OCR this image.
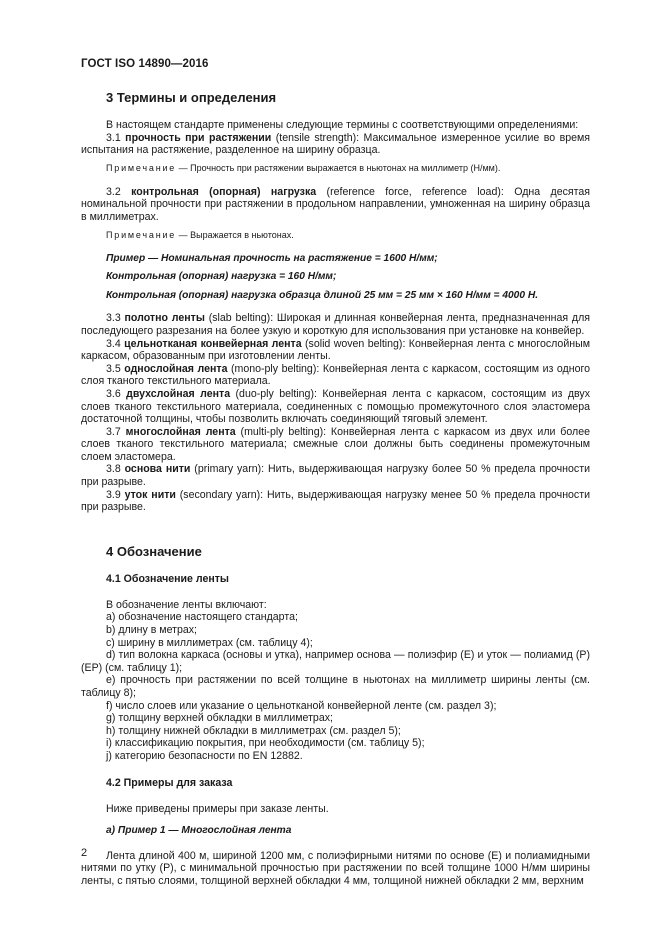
ГОСТ ISO 14890—2016
3 Термины и определения

В настоящем стандарте применены следующие термины с соответствующими определениями:

3.1 прочность при растяжении (tensile strength): Максимальное измеренное усилие во время испытания на растяжение, разделенное на ширину образца.

Примечание — Прочность при растяжении выражается в ньютонах на миллиметр (Н/мм).

3.2 контрольная (опорная) нагрузка (reference force, reference load): Одна десятая номинальной прочности при растяжении в продольном направлении, умноженная на ширину образца в миллиметрах.

Примечание — Выражается в ньютонах.

Пример — Номинальная прочность на растяжение = 1600 Н/мм;

Контрольная (опорная) нагрузка = 160 Н/мм;

Контрольная (опорная) нагрузка образца длиной 25 мм = 25 мм × 160 Н/мм = 4000 Н.

3.3 полотно ленты (slab belting): Широкая и длинная конвейерная лента, предназначенная для последующего разрезания на более узкую и короткую для использования при установке на конвейер.

3.4 цельнотканая конвейерная лента (solid woven belting): Конвейерная лента с многослойным каркасом, образованным при изготовлении ленты.

3.5 однослойная лента (mono-ply belting): Конвейерная лента с каркасом, состоящим из одного слоя тканого текстильного материала.

3.6 двухслойная лента (duo-ply belting): Конвейерная лента с каркасом, состоящим из двух слоев тканого текстильного материала, соединенных с помощью промежуточного слоя эластомера достаточной толщины, чтобы позволить включать соединяющий тяговый элемент.

3.7 многослойная лента (multi-ply belting): Конвейерная лента с каркасом из двух или более слоев тканого текстильного материала; смежные слои должны быть соединены промежуточным слоем эластомера.

3.8 основа нити (primary yarn): Нить, выдерживающая нагрузку более 50 % предела прочности при разрыве.

3.9 уток нити (secondary yarn): Нить, выдерживающая нагрузку менее 50 % предела прочности при разрыве.

4 Обозначение
4.1 Обозначение ленты

В обозначение ленты включают:

а) обозначение настоящего стандарта;

b) длину в метрах;

c) ширину в миллиметрах (см. таблицу 4);

d) тип волокна каркаса (основы и утка), например основа — полиэфир (E) и уток — полиамид (P) (EP) (см. таблицу 1);

e) прочность при растяжении по всей толщине в ньютонах на миллиметр ширины ленты (см. таблицу 8);

f) число слоев или указание о цельнотканой конвейерной ленте (см. раздел 3);

g) толщину верхней обкладки в миллиметрах;

h) толщину нижней обкладки в миллиметрах (см. раздел 5);

i) классификацию покрытия, при необходимости (см. таблицу 5);

j) категорию безопасности по EN 12882.

4.2 Примеры для заказа

Ниже приведены примеры при заказе ленты.

а) Пример 1 — Многослойная лента

Лента длиной 400 м, шириной 1200 мм, с полиэфирными нитями по основе (E) и полиамидными нитями по утку (P), с минимальной прочностью при растяжении по всей толщине 1000 Н/мм ширины ленты, с пятью слоями, толщиной верхней обкладки 4 мм, толщиной нижней обкладки 2 мм, верхним

2
